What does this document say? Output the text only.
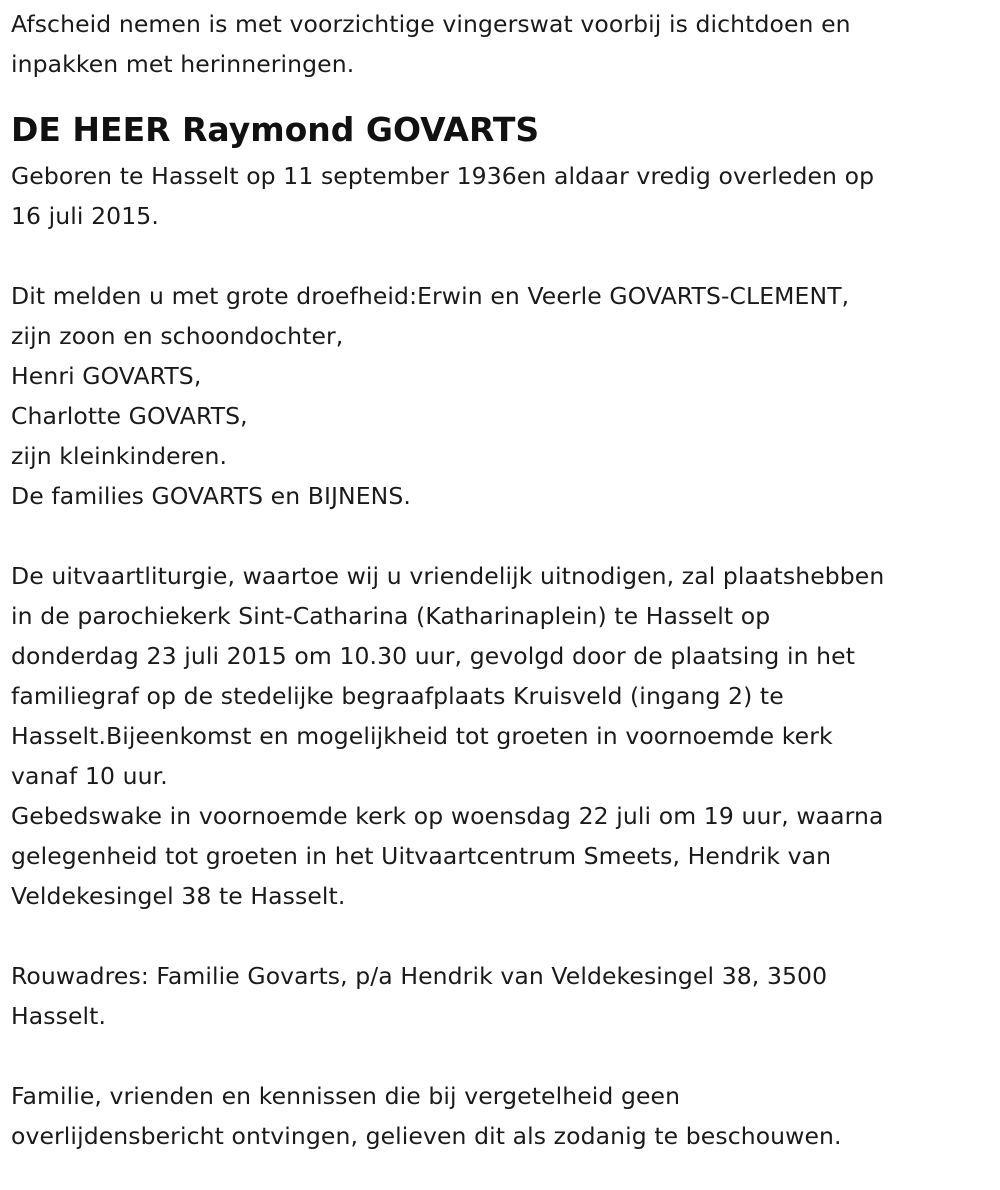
Afscheid nemen is met voorzichtige vingerswat voorbij is dichtdoen en
inpakken met herinneringen.
DE HEER Raymond GOVARTS
Geboren te Hasselt op 11 september 1936en aldaar vredig overleden op
16 juli 2015.
Dit melden u met grote droefheid:Erwin en Veerle GOVARTS-CLEMENT,
zijn zoon en schoondochter,
Henri GOVARTS,
Charlotte GOVARTS,
zijn kleinkinderen.
De families GOVARTS en BIJNENS.
De uitvaartliturgie, waartoe wij u vriendelijk uitnodigen, zal plaatshebben
in de parochiekerk Sint-Catharina (Katharinaplein) te Hasselt op
donderdag 23 juli 2015 om 10.30 uur, gevolgd door de plaatsing in het
familiegraf op de stedelijke begraafplaats Kruisveld (ingang 2) te
Hasselt.Bijeenkomst en mogelijkheid tot groeten in voornoemde kerk
vanaf 10 uur.
Gebedswake in voornoemde kerk op woensdag 22 juli om 19 uur, waarna
gelegenheid tot groeten in het Uitvaartcentrum Smeets, Hendrik van
Veldekesingel 38 te Hasselt.
Rouwadres: Familie Govarts, p/a Hendrik van Veldekesingel 38, 3500
Hasselt.
Familie, vrienden en kennissen die bij vergetelheid geen
overlijdensbericht ontvingen, gelieven dit als zodanig te beschouwen.
